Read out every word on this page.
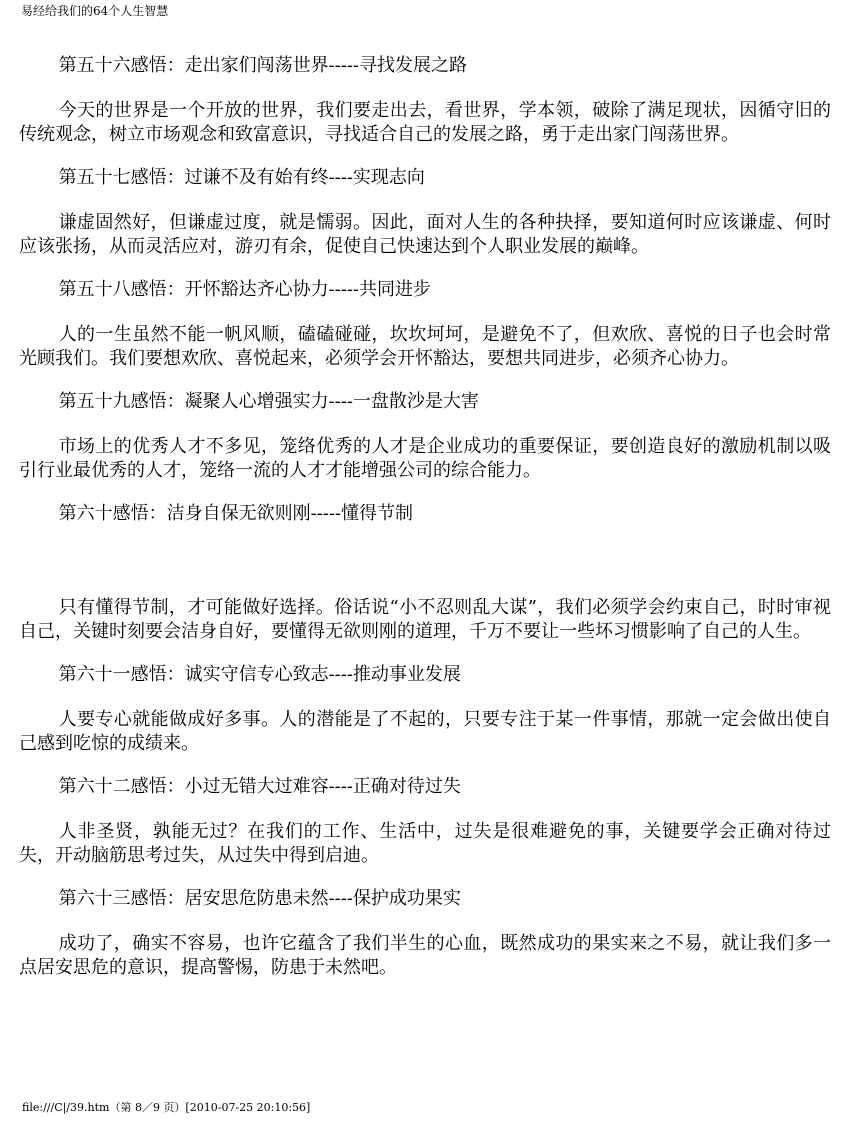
易经给我们的64个人生智慧
第五十六感悟：走出家们闯荡世界-----寻找发展之路
今天的世界是一个开放的世界，我们要走出去，看世界，学本领，破除了满足现状，因循守旧的传统观念，树立市场观念和致富意识，寻找适合自己的发展之路，勇于走出家门闯荡世界。
第五十七感悟：过谦不及有始有终----实现志向
谦虚固然好，但谦虚过度，就是懦弱。因此，面对人生的各种抉择，要知道何时应该谦虚、何时应该张扬，从而灵活应对，游刃有余，促使自己快速达到个人职业发展的巅峰。
第五十八感悟：开怀豁达齐心协力-----共同进步
人的一生虽然不能一帆风顺，磕磕碰碰，坎坎坷坷，是避免不了，但欢欣、喜悦的日子也会时常光顾我们。我们要想欢欣、喜悦起来，必须学会开怀豁达，要想共同进步，必须齐心协力。
第五十九感悟：凝聚人心增强实力----一盘散沙是大害
市场上的优秀人才不多见，笼络优秀的人才是企业成功的重要保证，要创造良好的激励机制以吸引行业最优秀的人才，笼络一流的人才才能增强公司的综合能力。
第六十感悟：洁身自保无欲则刚-----懂得节制
只有懂得节制，才可能做好选择。俗话说“小不忍则乱大谋”，我们必须学会约束自己，时时审视自己，关键时刻要会洁身自好，要懂得无欲则刚的道理，千万不要让一些坏习惯影响了自己的人生。
第六十一感悟：诚实守信专心致志----推动事业发展
人要专心就能做成好多事。人的潜能是了不起的，只要专注于某一件事情，那就一定会做出使自己感到吃惊的成绩来。
第六十二感悟：小过无错大过难容----正确对待过失
人非圣贤，孰能无过？在我们的工作、生活中，过失是很难避免的事，关键要学会正确对待过失，开动脑筋思考过失，从过失中得到启迪。
第六十三感悟：居安思危防患未然----保护成功果实
成功了，确实不容易，也许它蕴含了我们半生的心血，既然成功的果实来之不易，就让我们多一点居安思危的意识，提高警惕，防患于未然吧。
file:///C|/39.htm（第 8／9 页）[2010-07-25 20:10:56]
